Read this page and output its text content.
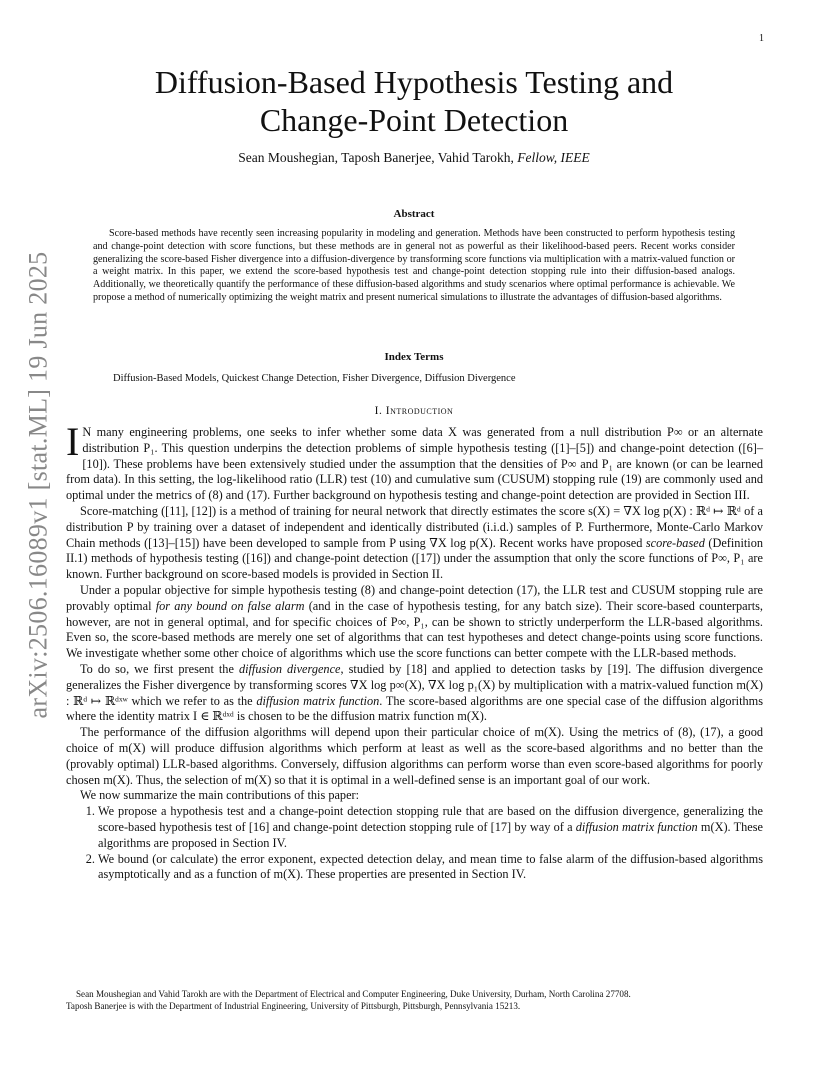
1
arXiv:2506.16089v1 [stat.ML] 19 Jun 2025
Diffusion-Based Hypothesis Testing and Change-Point Detection
Sean Moushegian, Taposh Banerjee, Vahid Tarokh, Fellow, IEEE
Abstract

Score-based methods have recently seen increasing popularity in modeling and generation. Methods have been constructed to perform hypothesis testing and change-point detection with score functions, but these methods are in general not as powerful as their likelihood-based peers. Recent works consider generalizing the score-based Fisher divergence into a diffusion-divergence by transforming score functions via multiplication with a matrix-valued function or a weight matrix. In this paper, we extend the score-based hypothesis test and change-point detection stopping rule into their diffusion-based analogs. Additionally, we theoretically quantify the performance of these diffusion-based algorithms and study scenarios where optimal performance is achievable. We propose a method of numerically optimizing the weight matrix and present numerical simulations to illustrate the advantages of diffusion-based algorithms.

Index Terms
Diffusion-Based Models, Quickest Change Detection, Fisher Divergence, Diffusion Divergence
I. Introduction

I N many engineering problems, one seeks to infer whether some data X was generated from a null distribution P∞ or an alternate distribution P₁. This question underpins the detection problems of simple hypothesis testing ([1]–[5]) and change-point detection ([6]–[10]). These problems have been extensively studied under the assumption that the densities of P∞ and P₁ are known (or can be learned from data). In this setting, the log-likelihood ratio (LLR) test (10) and cumulative sum (CUSUM) stopping rule (19) are commonly used and optimal under the metrics of (8) and (17). Further background on hypothesis testing and change-point detection are provided in Section III.

Score-matching ([11], [12]) is a method of training for neural network that directly estimates the score s(X) = ∇X log p(X) : ℝᵈ ↦ ℝᵈ of a distribution P by training over a dataset of independent and identically distributed (i.i.d.) samples of P. Furthermore, Monte-Carlo Markov Chain methods ([13]–[15]) have been developed to sample from P using ∇X log p(X). Recent works have proposed score-based (Definition II.1) methods of hypothesis testing ([16]) and change-point detection ([17]) under the assumption that only the score functions of P∞, P₁ are known. Further background on score-based models is provided in Section II.

Under a popular objective for simple hypothesis testing (8) and change-point detection (17), the LLR test and CUSUM stopping rule are provably optimal for any bound on false alarm (and in the case of hypothesis testing, for any batch size). Their score-based counterparts, however, are not in general optimal, and for specific choices of P∞, P₁, can be shown to strictly underperform the LLR-based algorithms. Even so, the score-based methods are merely one set of algorithms that can test hypotheses and detect change-points using score functions. We investigate whether some other choice of algorithms which use the score functions can better compete with the LLR-based methods.

To do so, we first present the diffusion divergence, studied by [18] and applied to detection tasks by [19]. The diffusion divergence generalizes the Fisher divergence by transforming scores ∇X log p∞(X), ∇X log p₁(X) by multiplication with a matrix-valued function m(X) : ℝᵈ ↦ ℝᵈˣʷ which we refer to as the diffusion matrix function. The score-based algorithms are one special case of the diffusion algorithms where the identity matrix I ∈ ℝᵈˣᵈ is chosen to be the diffusion matrix function m(X).

The performance of the diffusion algorithms will depend upon their particular choice of m(X). Using the metrics of (8), (17), a good choice of m(X) will produce diffusion algorithms which perform at least as well as the score-based algorithms and no better than the (provably optimal) LLR-based algorithms. Conversely, diffusion algorithms can perform worse than even score-based algorithms for poorly chosen m(X). Thus, the selection of m(X) so that it is optimal in a well-defined sense is an important goal of our work.

We now summarize the main contributions of this paper:

1. We propose a hypothesis test and a change-point detection stopping rule that are based on the diffusion divergence, generalizing the score-based hypothesis test of [16] and change-point detection stopping rule of [17] by way of a diffusion matrix function m(X). These algorithms are proposed in Section IV.
2. We bound (or calculate) the error exponent, expected detection delay, and mean time to false alarm of the diffusion-based algorithms asymptotically and as a function of m(X). These properties are presented in Section IV.

Sean Moushegian and Vahid Tarokh are with the Department of Electrical and Computer Engineering, Duke University, Durham, North Carolina 27708.

Taposh Banerjee is with the Department of Industrial Engineering, University of Pittsburgh, Pittsburgh, Pennsylvania 15213.
